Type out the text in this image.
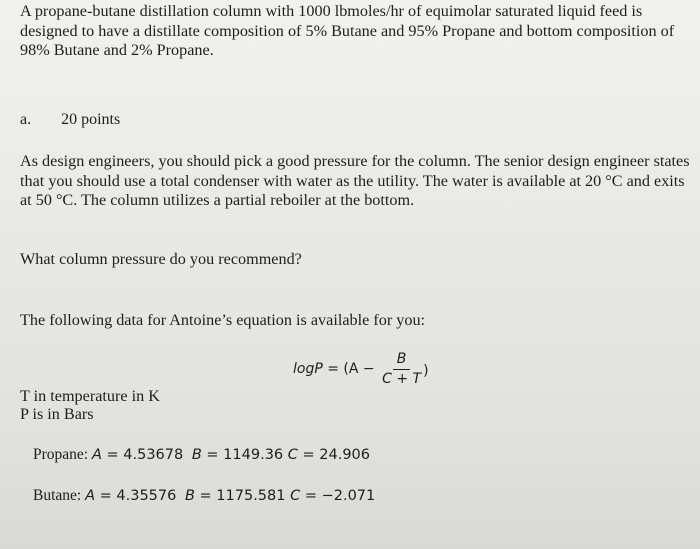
A propane-butane distillation column with 1000 lbmoles/hr of equimolar saturated liquid feed is designed to have a distillate composition of 5% Butane and 95% Propane and bottom composition of 98% Butane and 2% Propane.
a. 20 points
As design engineers, you should pick a good pressure for the column. The senior design engineer states that you should use a total condenser with water as the utility. The water is available at 20 °C and exits at 50 °C. The column utilizes a partial reboiler at the bottom.
What column pressure do you recommend?
The following data for Antoine’s equation is available for you:
$\log P = (A - \frac{B}{C + T}$ )
T in temperature in K
P is in Bars
Propane: A = 4.53678 B = 1149.36 C = 24.906
Butane: A = 4.35576 B = 1175.581 C = −2.071
